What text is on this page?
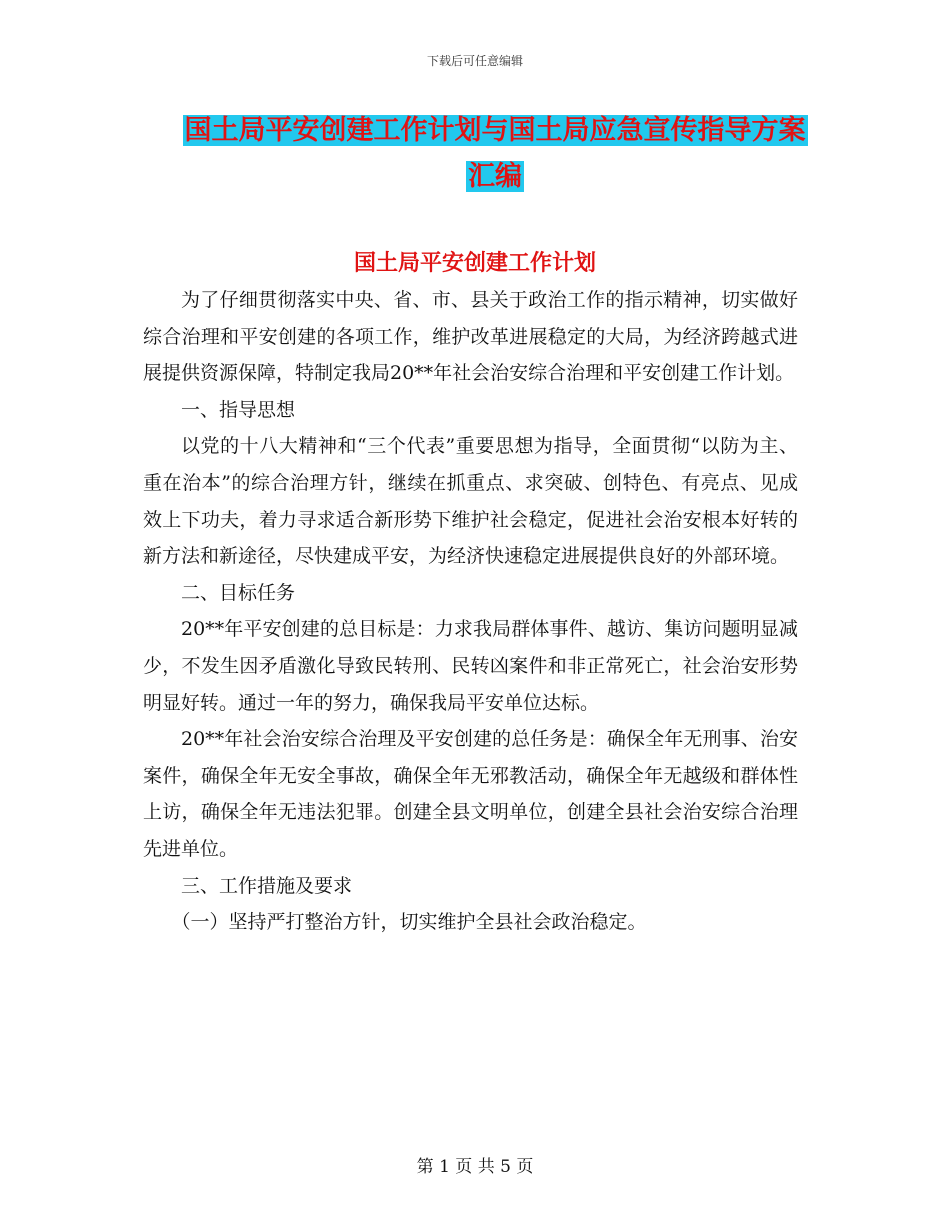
下载后可任意编辑
国土局平安创建工作计划与国土局应急宣传指导方案
汇编
国土局平安创建工作计划

为了仔细贯彻落实中央、省、市、县关于政治工作的指示精神，切实做好综合治理和平安创建的各项工作，维护改革进展稳定的大局，为经济跨越式进展提供资源保障，特制定我局20**年社会治安综合治理和平安创建工作计划。

一、指导思想

以党的十八大精神和“三个代表”重要思想为指导，全面贯彻“以防为主、重在治本”的综合治理方针，继续在抓重点、求突破、创特色、有亮点、见成效上下功夫，着力寻求适合新形势下维护社会稳定，促进社会治安根本好转的新方法和新途径，尽快建成平安，为经济快速稳定进展提供良好的外部环境。

二、目标任务

20**年平安创建的总目标是：力求我局群体事件、越访、集访问题明显减少，不发生因矛盾激化导致民转刑、民转凶案件和非正常死亡，社会治安形势明显好转。通过一年的努力，确保我局平安单位达标。

20**年社会治安综合治理及平安创建的总任务是：确保全年无刑事、治安案件，确保全年无安全事故，确保全年无邪教活动，确保全年无越级和群体性上访，确保全年无违法犯罪。创建全县文明单位，创建全县社会治安综合治理先进单位。

三、工作措施及要求

（一）坚持严打整治方针，切实维护全县社会政治稳定。

第 1 页 共 5 页
